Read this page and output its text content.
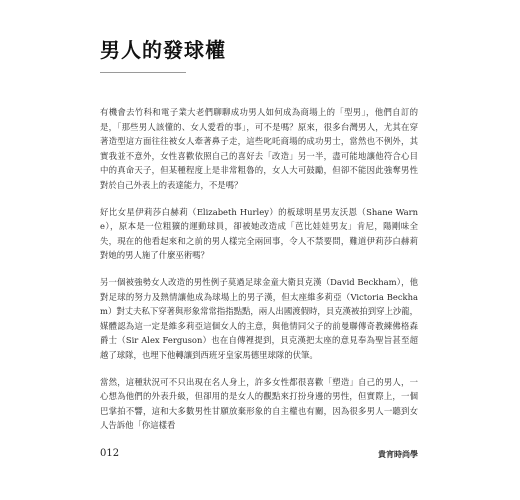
男人的發球權

有機會去竹科和電子業大老們聊聊成功男人如何成為商場上的「型男」，他們自訂的是，「那些男人該懂的、女人愛看的事」，可不是嗎？原來，很多台灣男人，尤其在穿著造型這方面往往被女人牽著鼻子走，這些叱吒商場的成功男士，當然也不例外，其實我並不意外，女性喜歡依照自己的喜好去「改造」另一半，盡可能地讓他符合心目中的真命天子，但某種程度上是非常粗魯的，女人大可鼓勵，但卻不能因此強奪男性對於自己外表上的表達能力，不是嗎？

好比女星伊莉莎白赫莉（Elizabeth Hurley）的板球明星男友沃恩（Shane Warne），原本是一位粗獷的運動球員，卻被她改造成「芭比娃娃男友」肯尼，陽剛味全失，現在的他看起來和之前的男人樣完全兩回事，令人不禁要問，難道伊莉莎白赫莉對她的男人施了什麼巫術嗎？

另一個被強勢女人改造的男性例子莫過足球金童大衛貝克漢（David Beckham），他對足球的努力及熱情讓他成為球場上的男子漢，但太座維多莉亞（Victoria Beckham）對丈夫私下穿著與形象常常指指點點，兩人出國渡假時，貝克漢被拍到穿上沙龍，媒體認為這一定是維多莉亞這個女人的主意，與他情同父子的前曼聯傳奇教練佛格森爵士（Sir Alex Ferguson）也在自傳裡提到，貝克漢把太座的意見奉為聖旨甚至超越了球隊，也埋下他轉讓到西班牙皇家馬德里球隊的伏筆。

當然，這種狀況可不只出現在名人身上，許多女性都很喜歡「塑造」自己的男人，一心想為他們的外表升級，但卻用的是女人的觀點來打扮身邊的男性，但實際上，一個巴掌拍不響，這和大多數男性甘願放棄形象的自主權也有關，因為很多男人一聽到女人告訴他「你這樣看

012	貴宵時尚學
